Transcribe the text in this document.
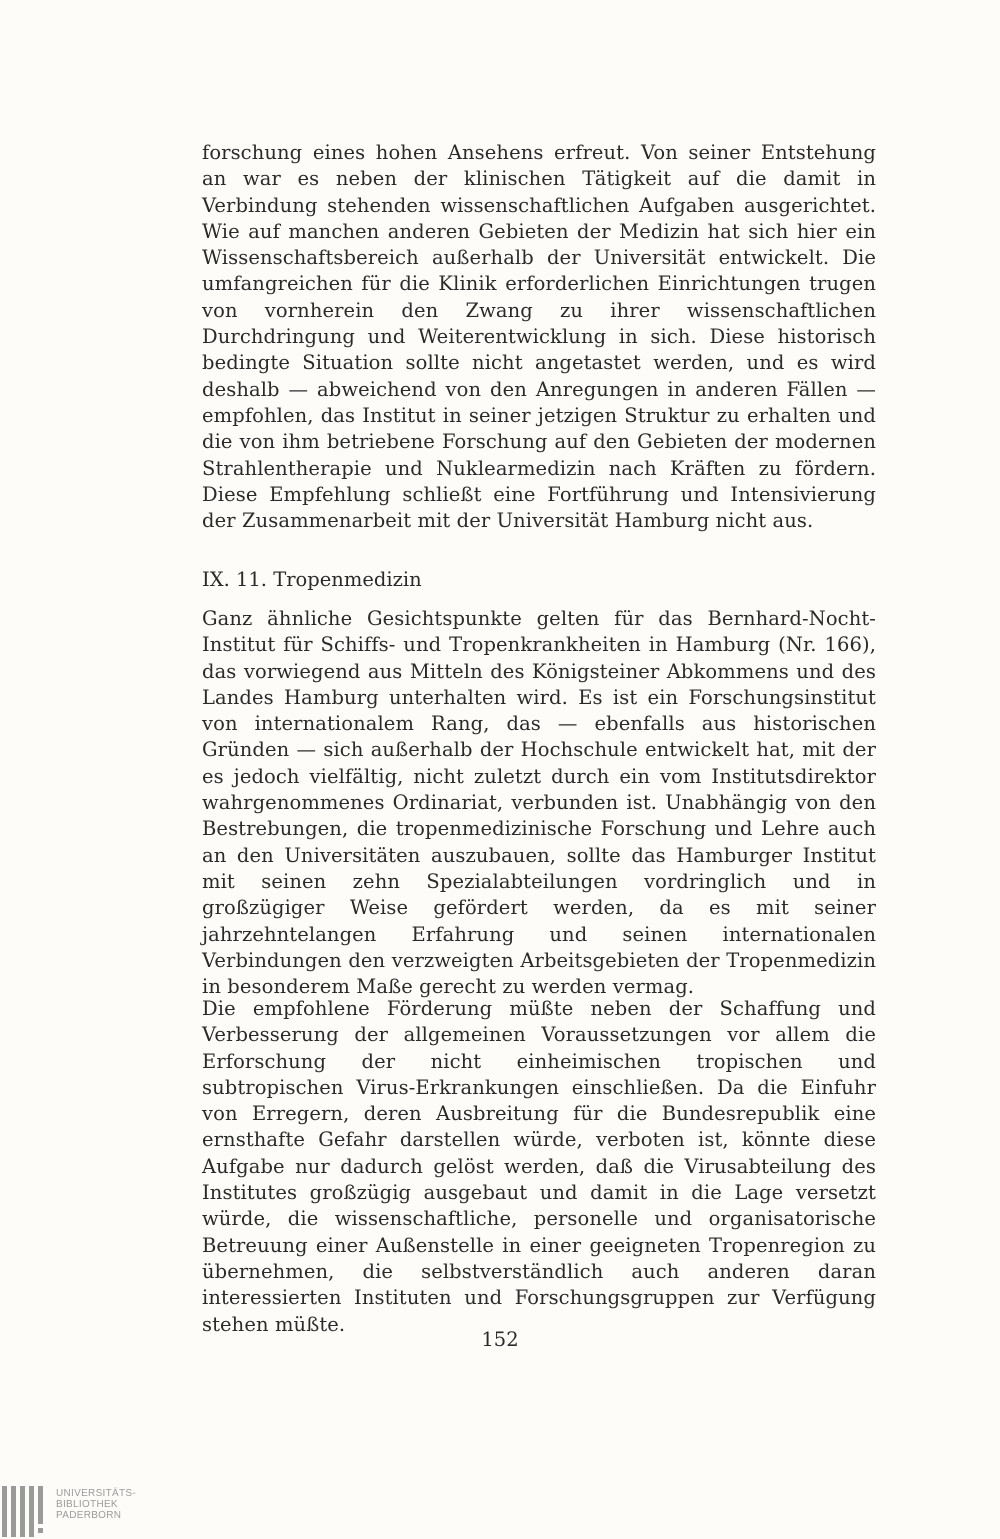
forschung eines hohen Ansehens erfreut. Von seiner Entstehung an war es neben der klinischen Tätigkeit auf die damit in Verbindung stehenden wissenschaftlichen Aufgaben ausgerichtet. Wie auf manchen anderen Gebieten der Medizin hat sich hier ein Wissenschaftsbereich außerhalb der Universität entwickelt. Die umfangreichen für die Klinik erforderlichen Einrichtungen trugen von vornherein den Zwang zu ihrer wissenschaftlichen Durchdringung und Weiterentwicklung in sich. Diese historisch bedingte Situation sollte nicht angetastet werden, und es wird deshalb — abweichend von den Anregungen in anderen Fällen — empfohlen, das Institut in seiner jetzigen Struktur zu erhalten und die von ihm betriebene Forschung auf den Gebieten der modernen Strahlentherapie und Nuklearmedizin nach Kräften zu fördern. Diese Empfehlung schließt eine Fortführung und Intensivierung der Zusammenarbeit mit der Universität Hamburg nicht aus.

IX. 11. Tropenmedizin

Ganz ähnliche Gesichtspunkte gelten für das Bernhard-Nocht-Institut für Schiffs- und Tropenkrankheiten in Hamburg (Nr. 166), das vorwiegend aus Mitteln des Königsteiner Abkommens und des Landes Hamburg unterhalten wird. Es ist ein Forschungsinstitut von internationalem Rang, das — ebenfalls aus historischen Gründen — sich außerhalb der Hochschule entwickelt hat, mit der es jedoch vielfältig, nicht zuletzt durch ein vom Institutsdirektor wahrgenommenes Ordinariat, verbunden ist. Unabhängig von den Bestrebungen, die tropenmedizinische Forschung und Lehre auch an den Universitäten auszubauen, sollte das Hamburger Institut mit seinen zehn Spezialabteilungen vordringlich und in großzügiger Weise gefördert werden, da es mit seiner jahrzehntelangen Erfahrung und seinen internationalen Verbindungen den verzweigten Arbeitsgebieten der Tropenmedizin in besonderem Maße gerecht zu werden vermag.

Die empfohlene Förderung müßte neben der Schaffung und Verbesserung der allgemeinen Voraussetzungen vor allem die Erforschung der nicht einheimischen tropischen und subtropischen Virus-Erkrankungen einschließen. Da die Einfuhr von Erregern, deren Ausbreitung für die Bundesrepublik eine ernsthafte Gefahr darstellen würde, verboten ist, könnte diese Aufgabe nur dadurch gelöst werden, daß die Virusabteilung des Institutes großzügig ausgebaut und damit in die Lage versetzt würde, die wissenschaftliche, personelle und organisatorische Betreuung einer Außenstelle in einer geeigneten Tropenregion zu übernehmen, die selbstverständlich auch anderen daran interessierten Instituten und Forschungsgruppen zur Verfügung stehen müßte.

152
UNIVERSITÄTS-
BIBLIOTHEK
PADERBORN
